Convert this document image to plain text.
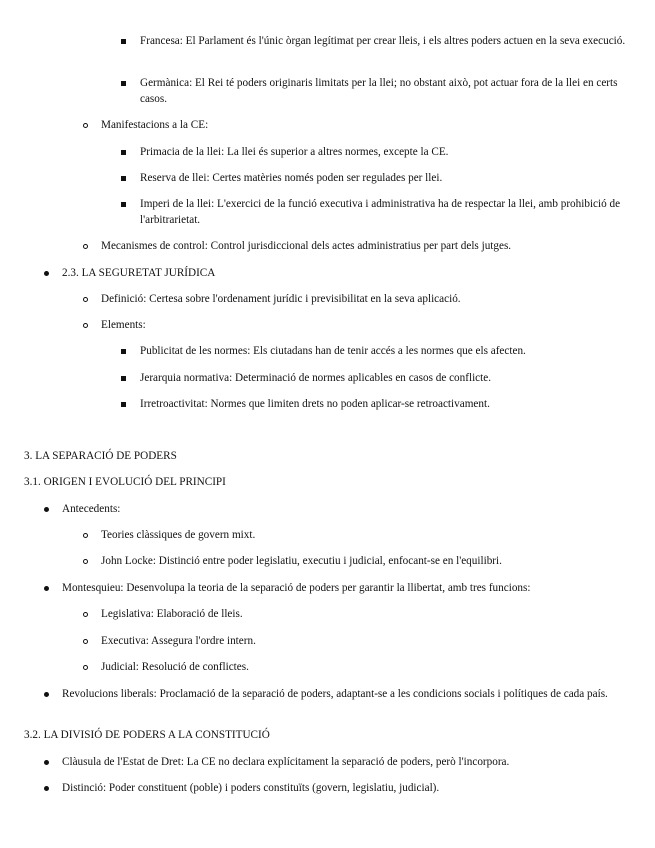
Francesa: El Parlament és l'únic òrgan legítimat per crear lleis, i els altres poders actuen en la seva execució.
Germànica: El Rei té poders originaris limitats per la llei; no obstant això, pot actuar fora de la llei en certs casos.
Manifestacions a la CE:
Primacia de la llei: La llei és superior a altres normes, excepte la CE.
Reserva de llei: Certes matèries només poden ser regulades per llei.
Imperi de la llei: L'exercici de la funció executiva i administrativa ha de respectar la llei, amb prohibició de l'arbitrarietat.
Mecanismes de control: Control jurisdiccional dels actes administratius per part dels jutges.
2.3. LA SEGURETAT JURÍDICA
Definició: Certesa sobre l'ordenament jurídic i previsibilitat en la seva aplicació.
Elements:
Publicitat de les normes: Els ciutadans han de tenir accés a les normes que els afecten.
Jerarquia normativa: Determinació de normes aplicables en casos de conflicte.
Irretroactivitat: Normes que limiten drets no poden aplicar-se retroactivament.
3. LA SEPARACIÓ DE PODERS
3.1. ORIGEN I EVOLUCIÓ DEL PRINCIPI
Antecedents:
Teories clàssiques de govern mixt.
John Locke: Distinció entre poder legislatiu, executiu i judicial, enfocant-se en l'equilibri.
Montesquieu: Desenvolupa la teoria de la separació de poders per garantir la llibertat, amb tres funcions:
Legislativa: Elaboració de lleis.
Executiva: Assegura l'ordre intern.
Judicial: Resolució de conflictes.
Revolucions liberals: Proclamació de la separació de poders, adaptant-se a les condicions socials i polítiques de cada país.
3.2. LA DIVISIÓ DE PODERS A LA CONSTITUCIÓ
Clàusula de l'Estat de Dret: La CE no declara explícitament la separació de poders, però l'incorpora.
Distinció: Poder constituent (poble) i poders constituïts (govern, legislatiu, judicial).
